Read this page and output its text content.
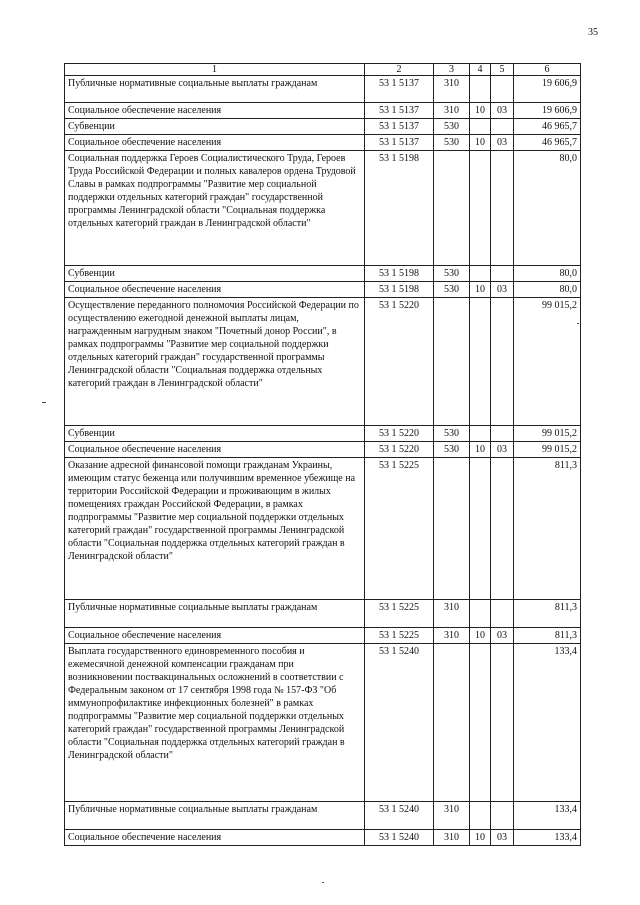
35
1	2	3	4	5	6
Публичные нормативные социальные выплаты гражданам	53 1 5137	310			19 606,9
Социальное обеспечение населения	53 1 5137	310	10	03	19 606,9
Субвенции	53 1 5137	530			46 965,7
Социальное обеспечение населения	53 1 5137	530	10	03	46 965,7
Социальная поддержка Героев Социалистического Труда, Героев Труда Российской Федерации и полных кавалеров ордена Трудовой Славы в рамках подпрограммы "Развитие мер социальной поддержки отдельных категорий граждан" государственной программы Ленинградской области "Социальная поддержка отдельных категорий граждан в Ленинградской области"	53 1 5198				80,0
Субвенции	53 1 5198	530			80,0
Социальное обеспечение населения	53 1 5198	530	10	03	80,0
Осуществление переданного полномочия Российской Федерации по осуществлению ежегодной денежной выплаты лицам, награжденным нагрудным знаком "Почетный донор России", в рамках подпрограммы "Развитие мер социальной поддержки отдельных категорий граждан" государственной программы Ленинградской области "Социальная поддержка отдельных категорий граждан в Ленинградской области"	53 1 5220				99 015,2
Субвенции	53 1 5220	530			99 015,2
Социальное обеспечение населения	53 1 5220	530	10	03	99 015,2
Оказание адресной финансовой помощи гражданам Украины, имеющим статус беженца или получившим временное убежище на территории Российской Федерации и проживающим в жилых помещениях граждан Российской Федерации, в рамках подпрограммы "Развитие мер социальной поддержки отдельных категорий граждан" государственной программы Ленинградской области "Социальная поддержка отдельных категорий граждан в Ленинградской области"	53 1 5225				811,3
Публичные нормативные социальные выплаты гражданам	53 1 5225	310			811,3
Социальное обеспечение населения	53 1 5225	310	10	03	811,3
Выплата государственного единовременного пособия и ежемесячной денежной компенсации гражданам при возникновении поствакцинальных осложнений в соответствии с Федеральным законом от 17 сентября 1998 года № 157-ФЗ "Об иммунопрофилактике инфекционных болезней" в рамках подпрограммы "Развитие мер социальной поддержки отдельных категорий граждан" государственной программы Ленинградской области "Социальная поддержка отдельных категорий граждан в Ленинградской области"	53 1 5240				133,4
Публичные нормативные социальные выплаты гражданам	53 1 5240	310			133,4
Социальное обеспечение населения	53 1 5240	310	10	03	133,4
